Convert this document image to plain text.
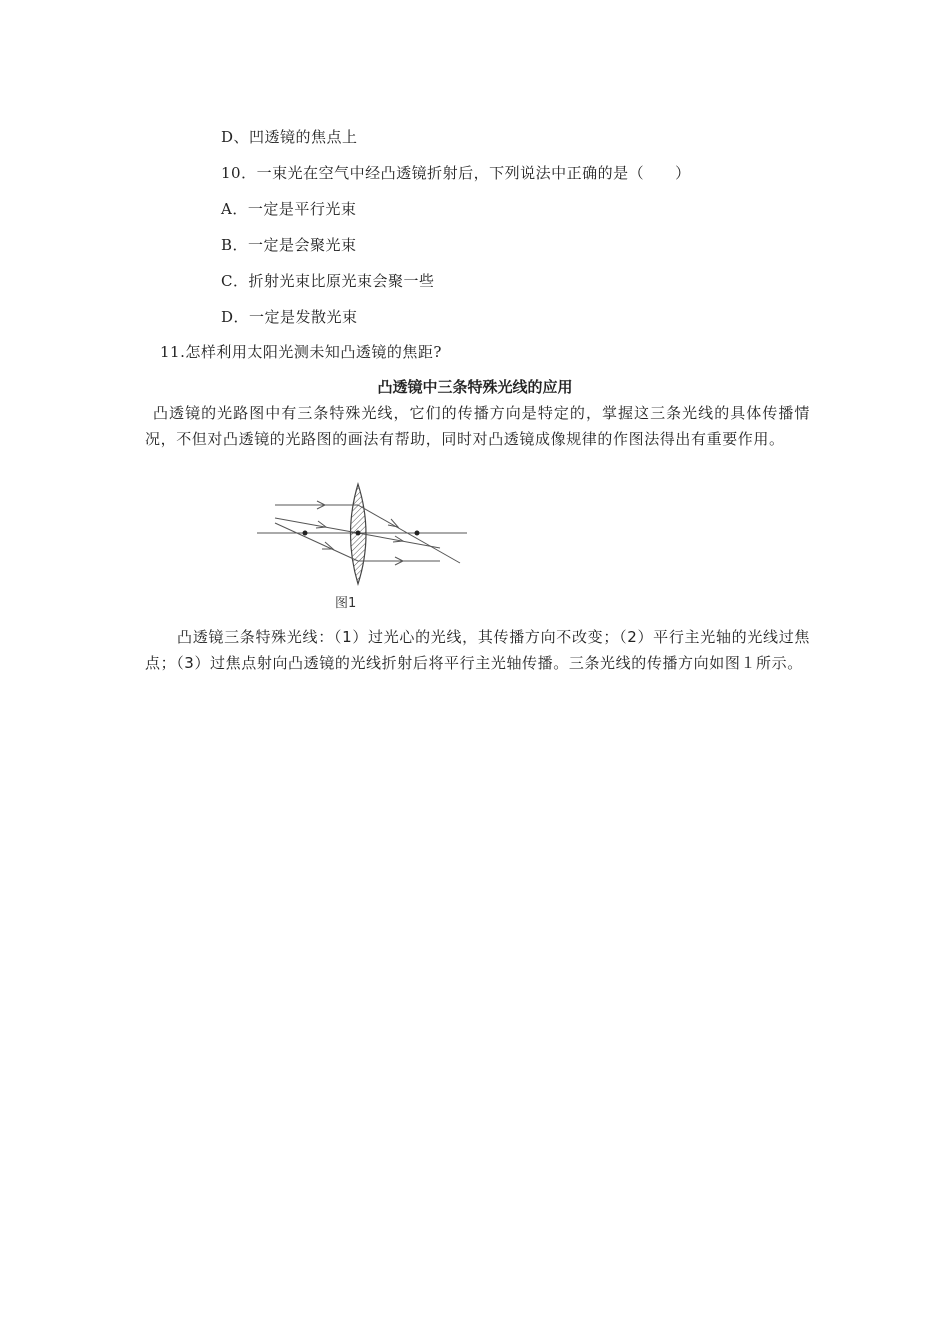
D、凹透镜的焦点上
10．一束光在空气中经凸透镜折射后，下列说法中正确的是（　　）
A．一定是平行光束
B．一定是会聚光束
C．折射光束比原光束会聚一些
D．一定是发散光束
11.怎样利用太阳光测未知凸透镜的焦距?
凸透镜中三条特殊光线的应用
凸透镜的光路图中有三条特殊光线，它们的传播方向是特定的，掌握这三条光线的具体传播情况，不但对凸透镜的光路图的画法有帮助，同时对凸透镜成像规律的作图法得出有重要作用。
图1
凸透镜三条特殊光线：（1）过光心的光线，其传播方向不改变；（2）平行主光轴的光线过焦点；（3）过焦点射向凸透镜的光线折射后将平行主光轴传播。三条光线的传播方向如图１所示。
